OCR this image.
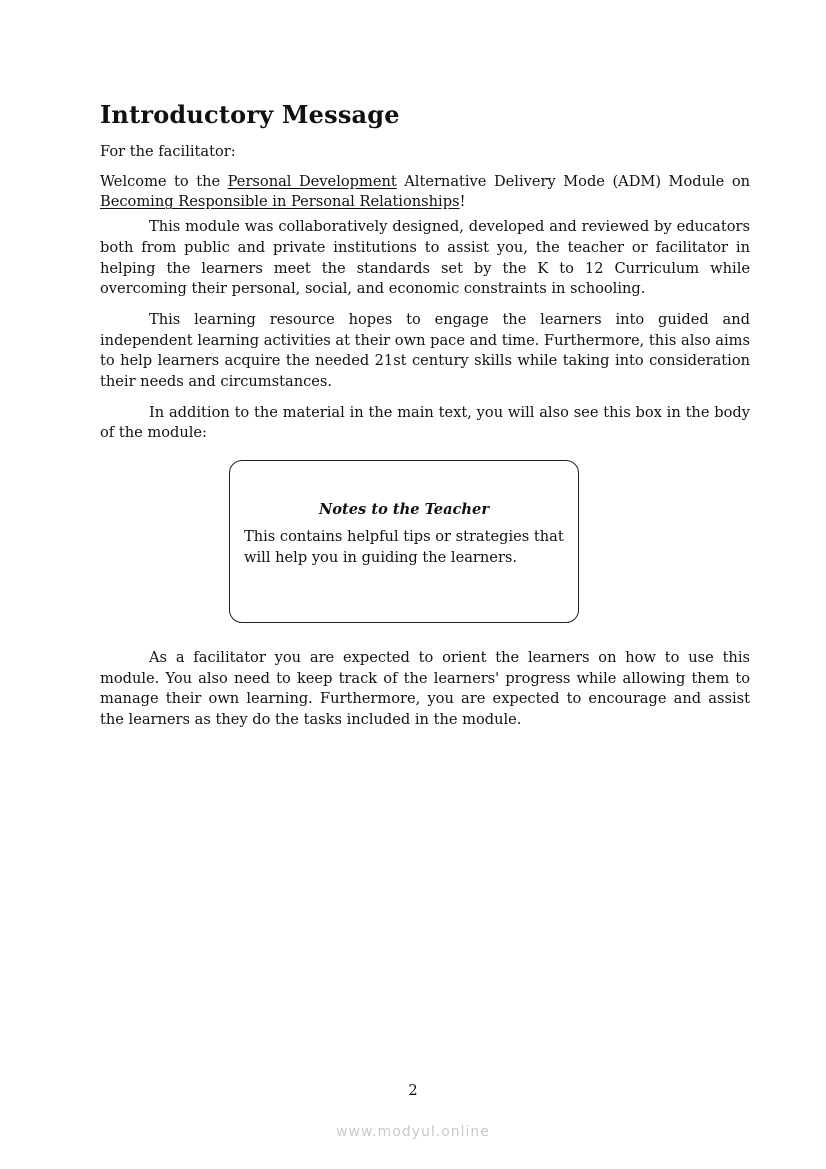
Introductory Message

For the facilitator:

Welcome to the Personal Development Alternative Delivery Mode (ADM) Module on Becoming Responsible in Personal Relationships!

This module was collaboratively designed, developed and reviewed by educators both from public and private institutions to assist you, the teacher or facilitator in helping the learners meet the standards set by the K to 12 Curriculum while overcoming their personal, social, and economic constraints in schooling.

This learning resource hopes to engage the learners into guided and independent learning activities at their own pace and time. Furthermore, this also aims to help learners acquire the needed 21st century skills while taking into consideration their needs and circumstances.

In addition to the material in the main text, you will also see this box in the body of the module:

Notes to the Teacher
This contains helpful tips or strategies that will help you in guiding the learners.

As a facilitator you are expected to orient the learners on how to use this module. You also need to keep track of the learners' progress while allowing them to manage their own learning. Furthermore, you are expected to encourage and assist the learners as they do the tasks included in the module.

2
www.modyul.online
